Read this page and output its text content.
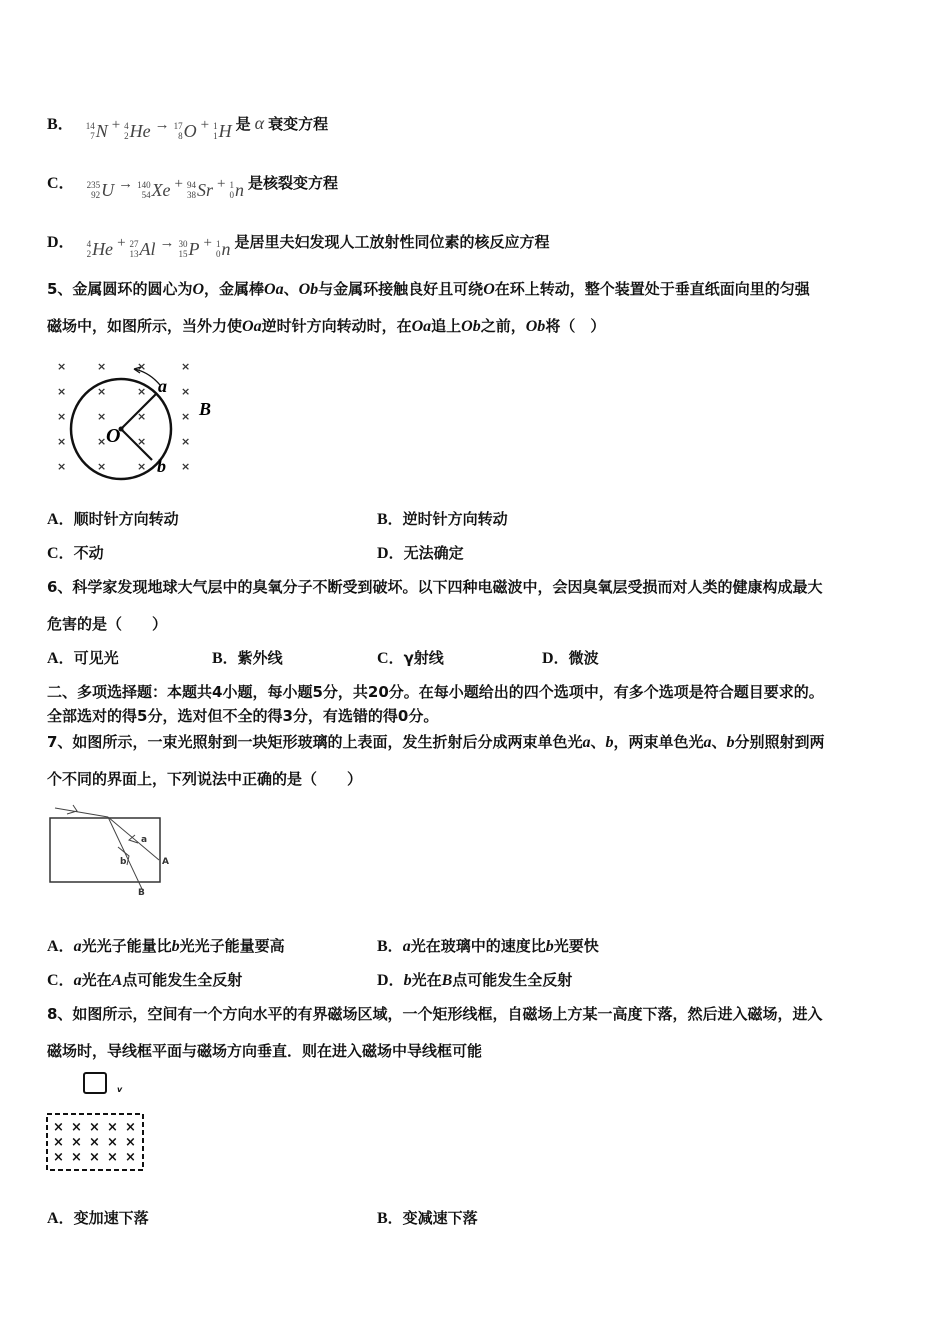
×
×
×
×
×
×
×
×
×
×
×
×
×
×
×
×
×
×
×
×
a
b
O
B
a
b	A
B
v
× × × × ×
× × × × ×
× × × × ×
5、金属圆环的圆心为O，金属棒Oa、Ob与金属环接触良好且可绕O在环上转动，整个装置处于垂直纸面向里的匀强
磁场中，如图所示，当外力使Oa逆时针方向转动时，在Oa追上Ob之前，Ob将（　）
6、科学家发现地球大气层中的臭氧分子不断受到破坏。以下四种电磁波中，会因臭氧层受损而对人类的健康构成最大
危害的是（　　）
二、多项选择题：本题共4小题，每小题5分，共20分。在每小题给出的四个选项中，有多个选项是符合题目要求的。
全部选对的得5分，选对但不全的得3分，有选错的得0分。
7、如图所示，一束光照射到一块矩形玻璃的上表面，发生折射后分成两束单色光a、b，两束单色光a、b分别照射到两
个不同的界面上，下列说法中正确的是（　　）
8、如图所示，空间有一个方向水平的有界磁场区域，一个矩形线框，自磁场上方某一高度下落，然后进入磁场，进入
磁场时，导线框平面与磁场方向垂直．则在进入磁场中导线框可能
A．顺时针方向转动	B．逆时针方向转动
C．不动	D．无法确定
A．可见光	B．紫外线	C．γ射线	D．微波
A．a光光子能量比b光光子能量要高	B．a光在玻璃中的速度比b光要快
C．a光在A点可能发生全反射	D．b光在B点可能发生全反射
A．变加速下落	B．变减速下落
B． 14
7 N + 4
2 He → 17
8 O + 1
1 H 是 α 衰变方程
C． 235
92 U → 140
54 Xe + 94
38 Sr + 1
0 n 是核裂变方程
D． 4
2 He + 27
13 Al → 30
15 P + 1
0 n 是居里夫妇发现人工放射性同位素的核反应方程
